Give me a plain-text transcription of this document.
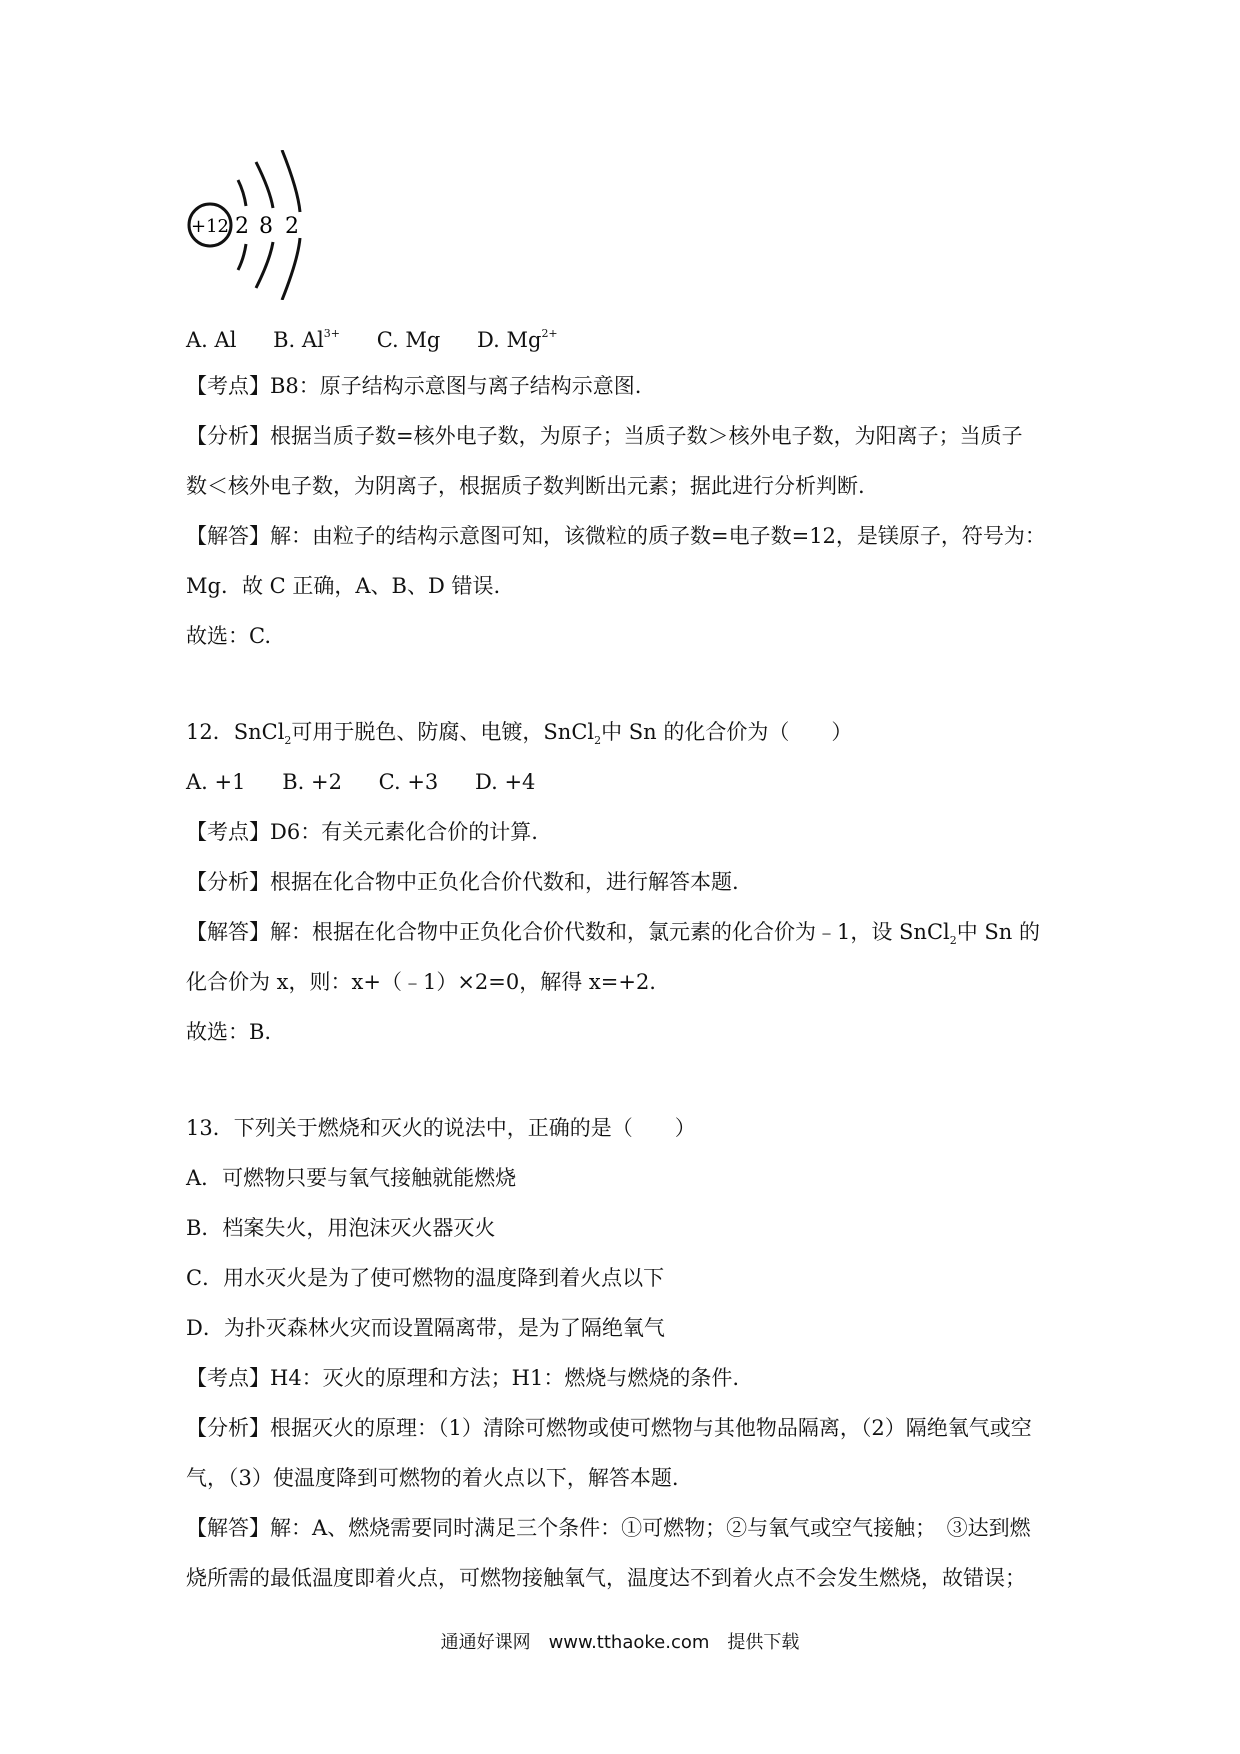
+12 2 8 2
A. Al B. $Al^{3+}$ C. Mg D. $Mg^{2+}$
【考点】B8：原子结构示意图与离子结构示意图.
【分析】根据当质子数=核外电子数，为原子；当质子数＞核外电子数，为阳离子；当质子
数＜核外电子数，为阴离子，根据质子数判断出元素；据此进行分析判断.
【解答】解：由粒子的结构示意图可知，该微粒的质子数=电子数=12，是镁原子，符号为：
Mg．故 C 正确，A、B、D 错误.
故选：C.
12．SnCl$_2$可用于脱色、防腐、电镀，SnCl$_2$中 Sn 的化合价为（　　）
A. +1 B. +2 C. +3 D. +4
【考点】D6：有关元素化合价的计算.
【分析】根据在化合物中正负化合价代数和，进行解答本题.
【解答】解：根据在化合物中正负化合价代数和，氯元素的化合价为﹣1，设 SnCl$_2$中 Sn 的
化合价为 x，则：x+（﹣1）×2=0，解得 x=+2.
故选：B.
13．下列关于燃烧和灭火的说法中，正确的是（　　）
A．可燃物只要与氧气接触就能燃烧
B．档案失火，用泡沫灭火器灭火
C．用水灭火是为了使可燃物的温度降到着火点以下
D．为扑灭森林火灾而设置隔离带，是为了隔绝氧气
【考点】H4：灭火的原理和方法；H1：燃烧与燃烧的条件.
【分析】根据灭火的原理：（1）清除可燃物或使可燃物与其他物品隔离，（2）隔绝氧气或空
气，（3）使温度降到可燃物的着火点以下，解答本题.
【解答】解：A、燃烧需要同时满足三个条件：①可燃物；②与氧气或空气接触；　③达到燃
烧所需的最低温度即着火点，可燃物接触氧气，温度达不到着火点不会发生燃烧，故错误；
通通好课网　www.tthaoke.com　提供下载
